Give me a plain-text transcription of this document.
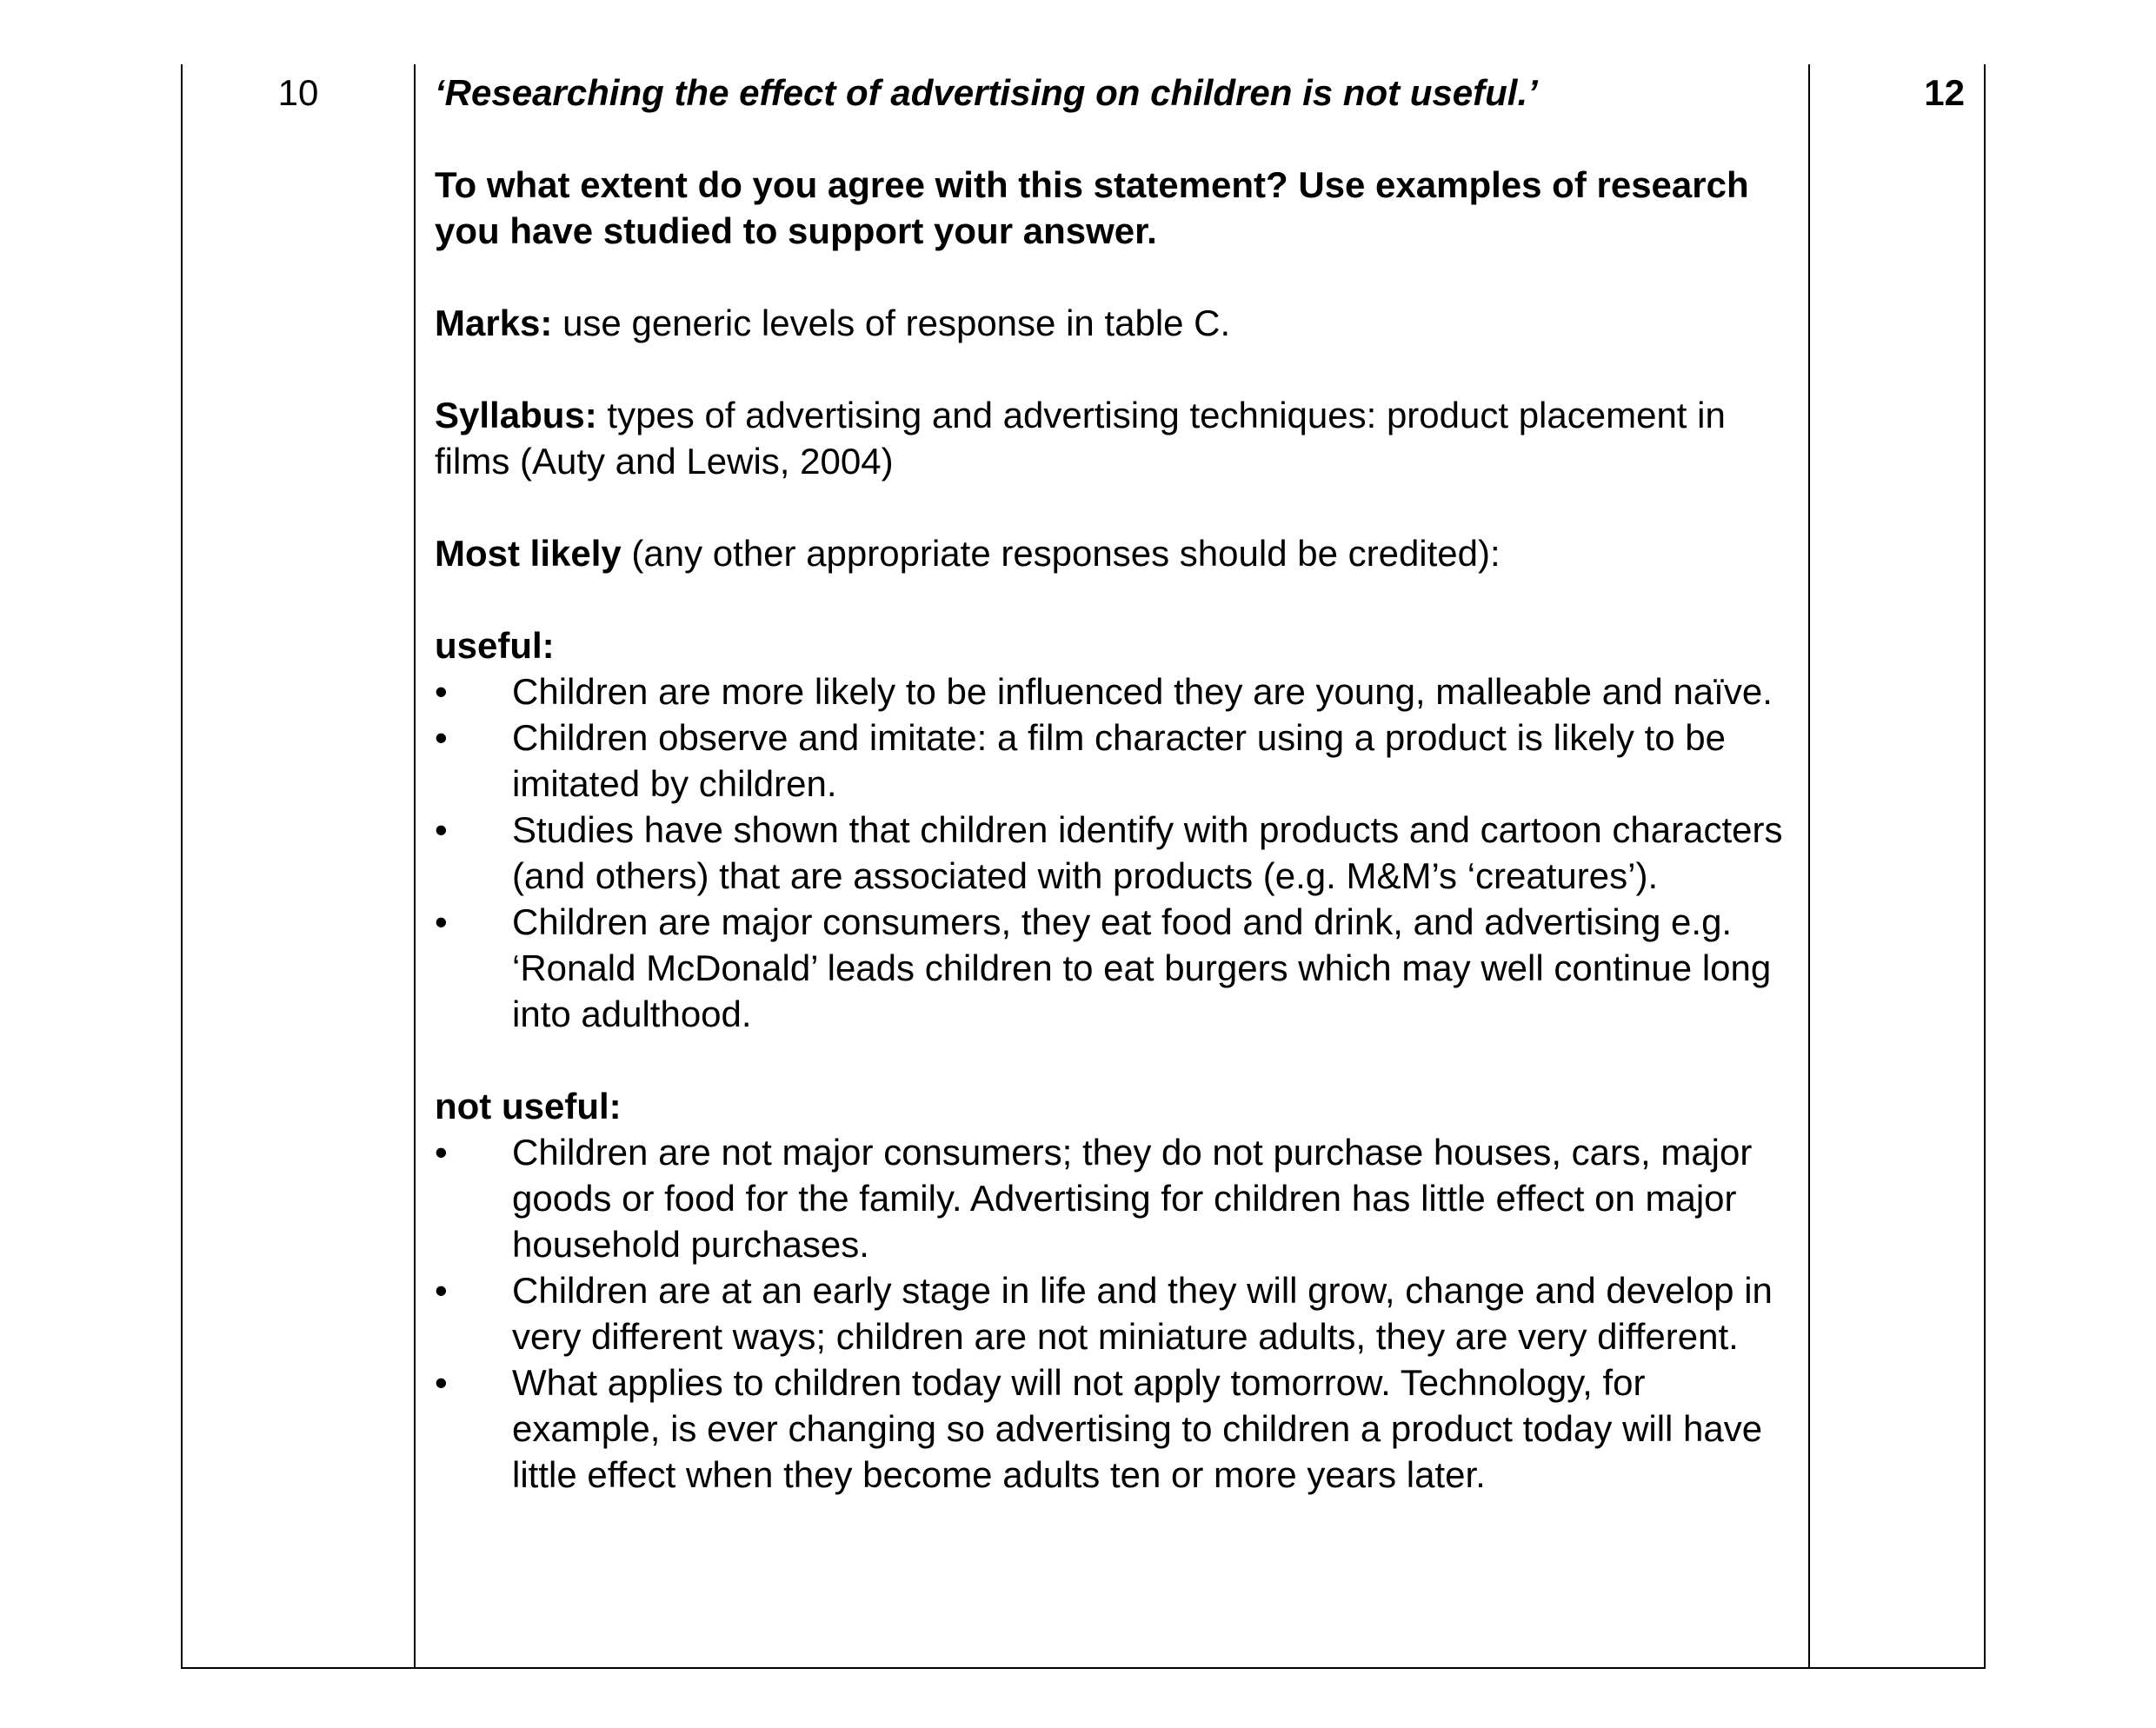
10	‘Researching the effect of advertising on children is not useful.’

To what extent do you agree with this statement? Use examples of research you have studied to support your answer.

Marks: use generic levels of response in table C.

Syllabus: types of advertising and advertising techniques: product placement in films (Auty and Lewis, 2004)

Most likely (any other appropriate responses should be credited):

useful:

•	Children are more likely to be influenced they are young, malleable and naïve.
•	Children observe and imitate: a film character using a product is likely to be imitated by children.
•	Studies have shown that children identify with products and cartoon characters (and others) that are associated with products (e.g. M&M’s ‘creatures’).
•	Children are major consumers, they eat food and drink, and advertising e.g. ‘Ronald McDonald’ leads children to eat burgers which may well continue long into adulthood.

not useful:

•	Children are not major consumers; they do not purchase houses, cars, major goods or food for the family. Advertising for children has little effect on major household purchases.
•	Children are at an early stage in life and they will grow, change and develop in very different ways; children are not miniature adults, they are very different.
•	What applies to children today will not apply tomorrow. Technology, for example, is ever changing so advertising to children a product today will have little effect when they become adults ten or more years later.
12
